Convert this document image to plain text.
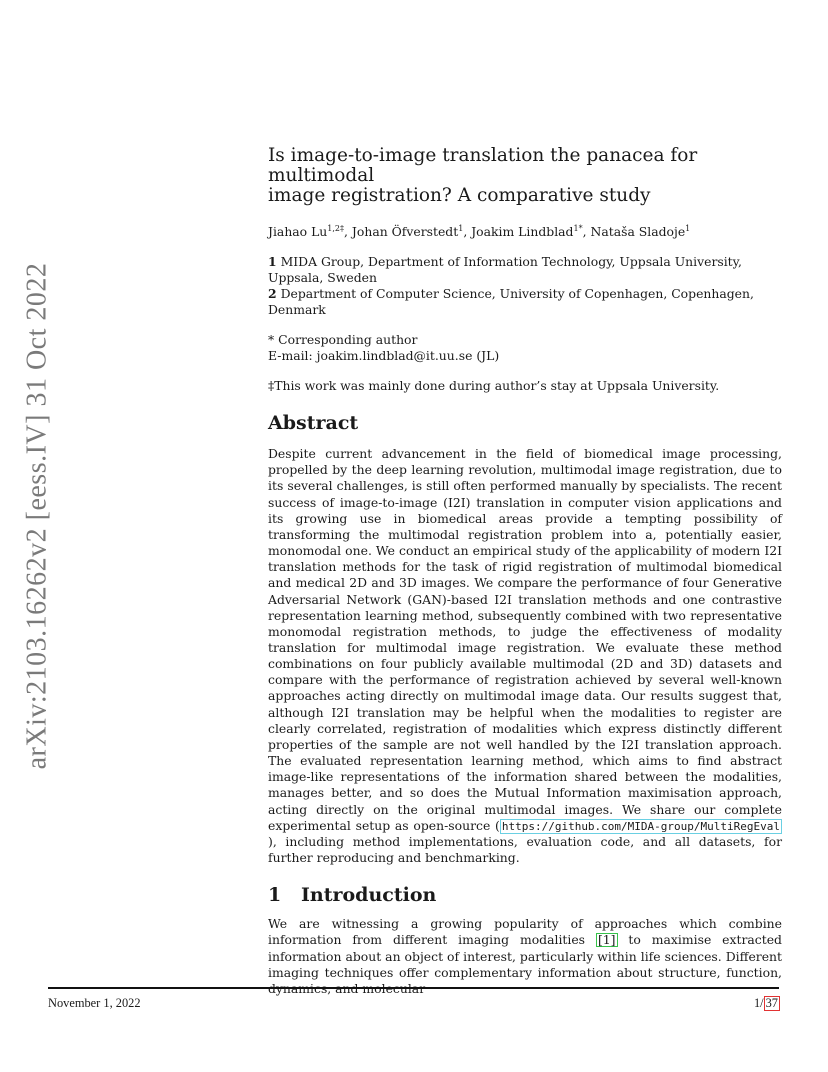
arXiv:2103.16262v2 [eess.IV] 31 Oct 2022
Is image-to-image translation the panacea for multimodal
image registration? A comparative study
Jiahao $Lu^{1,2\ddagger}$, Johan Öfverstedt$^1$, Joakim Lindblad$^{1*}$, Nataša Sladoje$^1$
1 MIDA Group, Department of Information Technology, Uppsala University, Uppsala, Sweden
2 Department of Computer Science, University of Copenhagen, Copenhagen, Denmark
* Corresponding author
E-mail: joakim.lindblad@it.uu.se (JL)
‡This work was mainly done during author’s stay at Uppsala University.
Abstract

Despite current advancement in the field of biomedical image processing, propelled by the deep learning revolution, multimodal image registration, due to its several challenges, is still often performed manually by specialists. The recent success of image-to-image (I2I) translation in computer vision applications and its growing use in biomedical areas provide a tempting possibility of transforming the multimodal registration problem into a, potentially easier, monomodal one. We conduct an empirical study of the applicability of modern I2I translation methods for the task of rigid registration of multimodal biomedical and medical 2D and 3D images. We compare the performance of four Generative Adversarial Network (GAN)-based I2I translation methods and one contrastive representation learning method, subsequently combined with two representative monomodal registration methods, to judge the effectiveness of modality translation for multimodal image registration. We evaluate these method combinations on four publicly available multimodal (2D and 3D) datasets and compare with the performance of registration achieved by several well-known approaches acting directly on multimodal image data. Our results suggest that, although I2I translation may be helpful when the modalities to register are clearly correlated, registration of modalities which express distinctly different properties of the sample are not well handled by the I2I translation approach. The evaluated representation learning method, which aims to find abstract image-like representations of the information shared between the modalities, manages better, and so does the Mutual Information maximisation approach, acting directly on the original multimodal images. We share our complete experimental setup as open-source ( https://github.com/MIDA-group/MultiRegEval), including method implementations, evaluation code, and all datasets, for further reproducing and benchmarking.

1 Introduction

We are witnessing a growing popularity of approaches which combine information from different imaging modalities [1] to maximise extracted information about an object of interest, particularly within life sciences. Different imaging techniques offer complementary information about structure, function,

November 1, 2022	1/ 37
